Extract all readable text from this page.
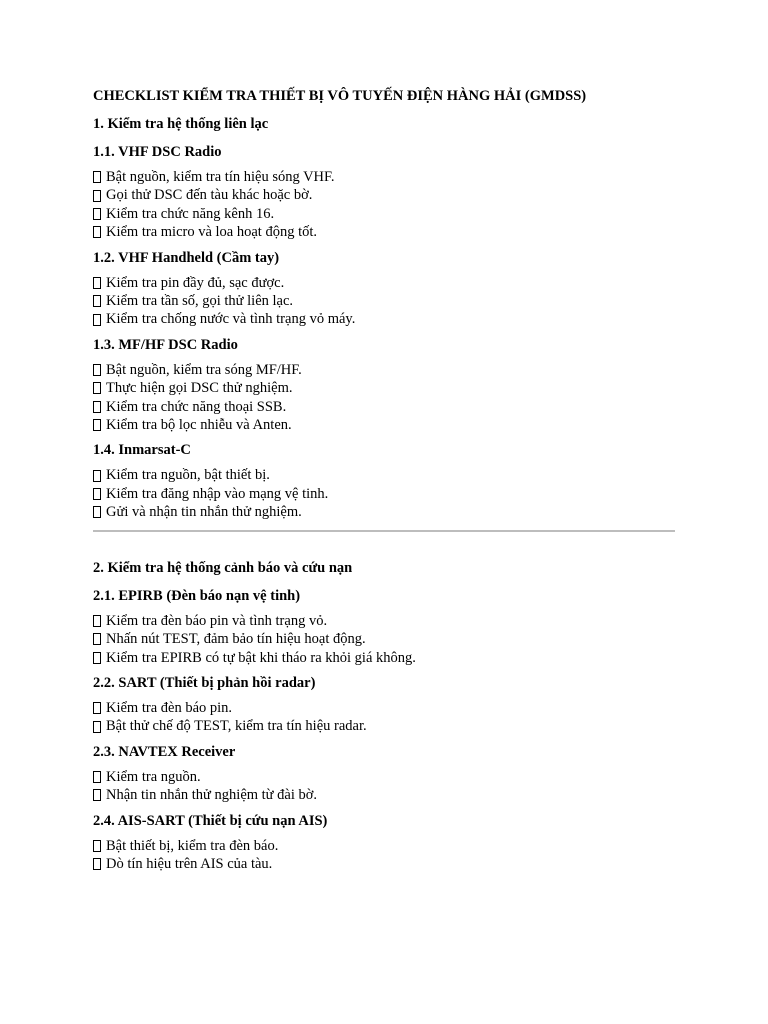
CHECKLIST KIỂM TRA THIẾT BỊ VÔ TUYẾN ĐIỆN HÀNG HẢI (GMDSS)

1. Kiểm tra hệ thống liên lạc

1.1. VHF DSC Radio

Bật nguồn, kiểm tra tín hiệu sóng VHF.
Gọi thử DSC đến tàu khác hoặc bờ.
Kiểm tra chức năng kênh 16.
Kiểm tra micro và loa hoạt động tốt.

1.2. VHF Handheld (Cầm tay)

Kiểm tra pin đầy đủ, sạc được.
Kiểm tra tần số, gọi thử liên lạc.
Kiểm tra chống nước và tình trạng vỏ máy.

1.3. MF/HF DSC Radio

Bật nguồn, kiểm tra sóng MF/HF.
Thực hiện gọi DSC thử nghiệm.
Kiểm tra chức năng thoại SSB.
Kiểm tra bộ lọc nhiễu và Anten.

1.4. Inmarsat-C

Kiểm tra nguồn, bật thiết bị.
Kiểm tra đăng nhập vào mạng vệ tinh.
Gửi và nhận tin nhắn thử nghiệm.

2. Kiểm tra hệ thống cảnh báo và cứu nạn

2.1. EPIRB (Đèn báo nạn vệ tinh)

Kiểm tra đèn báo pin và tình trạng vỏ.
Nhấn nút TEST, đảm bảo tín hiệu hoạt động.
Kiểm tra EPIRB có tự bật khi tháo ra khỏi giá không.

2.2. SART (Thiết bị phản hồi radar)

Kiểm tra đèn báo pin.
Bật thử chế độ TEST, kiểm tra tín hiệu radar.

2.3. NAVTEX Receiver

Kiểm tra nguồn.
Nhận tin nhắn thử nghiệm từ đài bờ.

2.4. AIS-SART (Thiết bị cứu nạn AIS)

Bật thiết bị, kiểm tra đèn báo.
Dò tín hiệu trên AIS của tàu.
